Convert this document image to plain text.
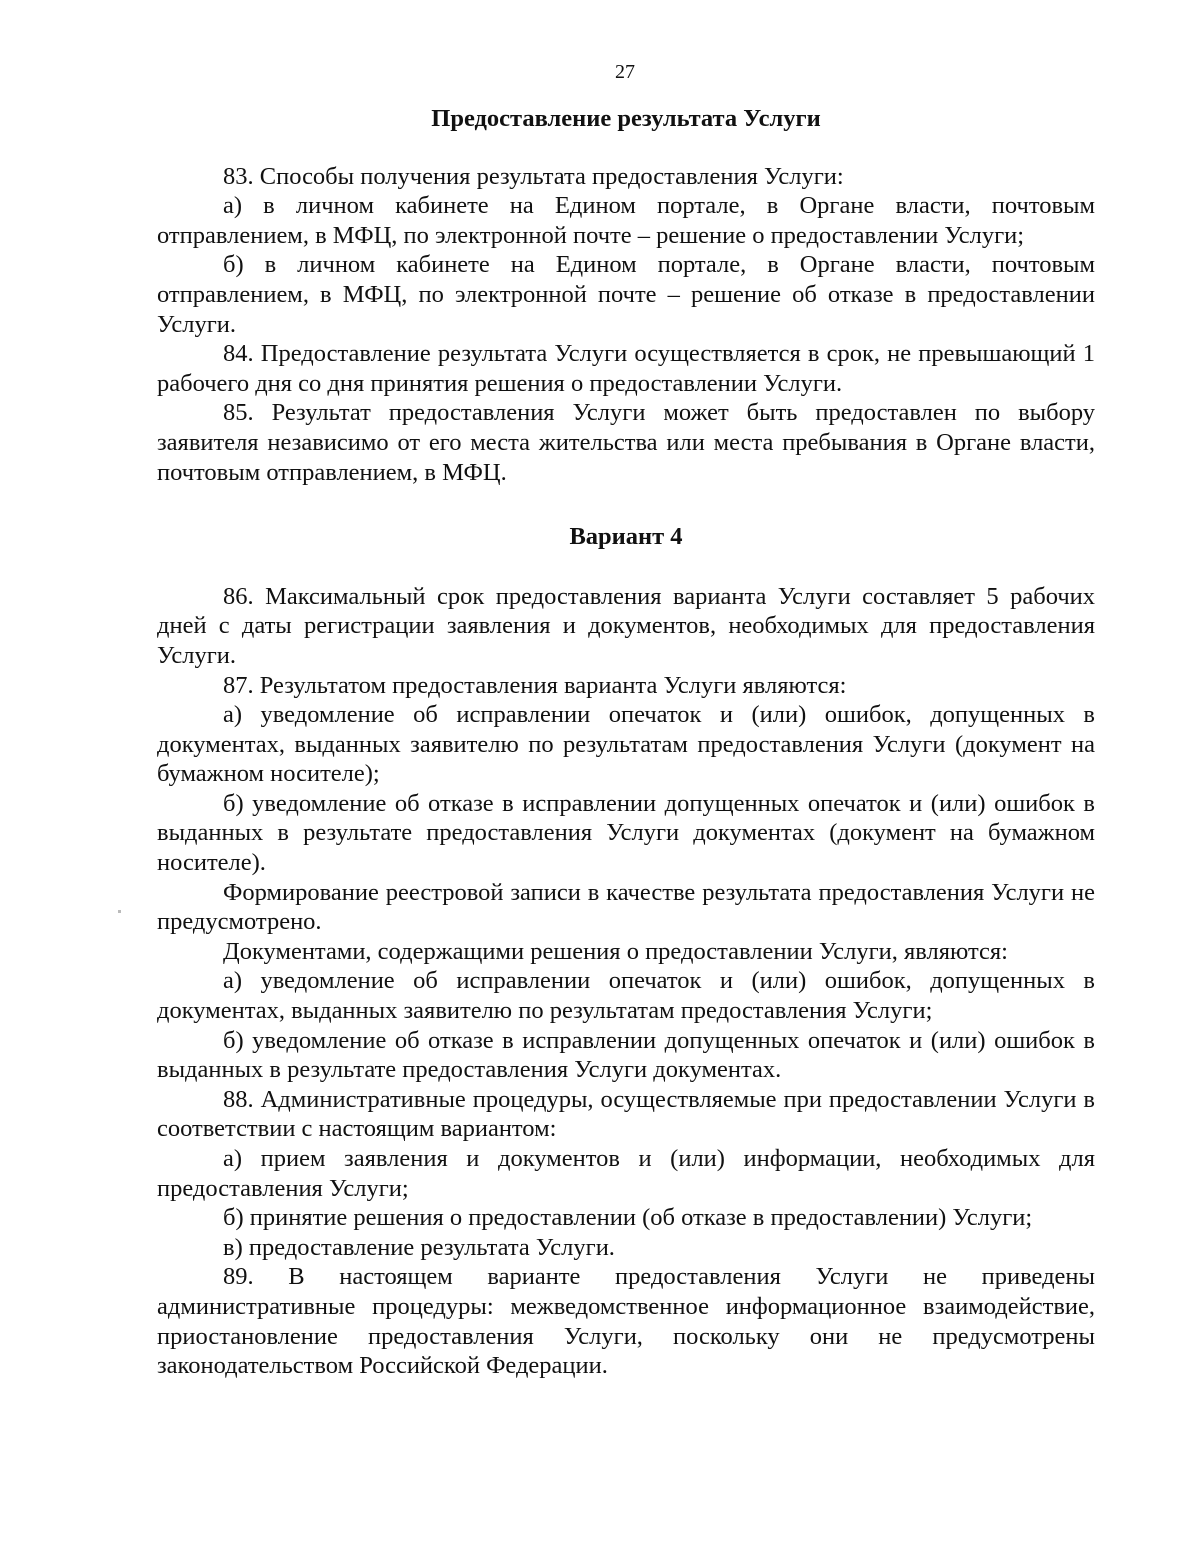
27
Предоставление результата Услуги

83. Способы получения результата предоставления Услуги:

а) в личном кабинете на Едином портале, в Органе власти, почтовым отправлением, в МФЦ, по электронной почте – решение о предоставлении Услуги;

б) в личном кабинете на Едином портале, в Органе власти, почтовым отправлением, в МФЦ, по электронной почте – решение об отказе в предоставлении Услуги.

84. Предоставление результата Услуги осуществляется в срок, не превышающий 1 рабочего дня со дня принятия решения о предоставлении Услуги.

85. Результат предоставления Услуги может быть предоставлен по выбору заявителя независимо от его места жительства или места пребывания в Органе власти, почтовым отправлением, в МФЦ.

Вариант 4

86. Максимальный срок предоставления варианта Услуги составляет 5 рабочих дней с даты регистрации заявления и документов, необходимых для предоставления Услуги.

87. Результатом предоставления варианта Услуги являются:

а) уведомление об исправлении опечаток и (или) ошибок, допущенных в документах, выданных заявителю по результатам предоставления Услуги (документ на бумажном носителе);

б) уведомление об отказе в исправлении допущенных опечаток и (или) ошибок в выданных в результате предоставления Услуги документах (документ на бумажном носителе).

Формирование реестровой записи в качестве результата предоставления Услуги не предусмотрено.

Документами, содержащими решения о предоставлении Услуги, являются:

а) уведомление об исправлении опечаток и (или) ошибок, допущенных в документах, выданных заявителю по результатам предоставления Услуги;

б) уведомление об отказе в исправлении допущенных опечаток и (или) ошибок в выданных в результате предоставления Услуги документах.

88. Административные процедуры, осуществляемые при предоставлении Услуги в соответствии с настоящим вариантом:

а) прием заявления и документов и (или) информации, необходимых для предоставления Услуги;

б) принятие решения о предоставлении (об отказе в предоставлении) Услуги;

в) предоставление результата Услуги.

89. В настоящем варианте предоставления Услуги не приведены административные процедуры: межведомственное информационное взаимодействие, приостановление предоставления Услуги, поскольку они не предусмотрены законодательством Российской Федерации.
